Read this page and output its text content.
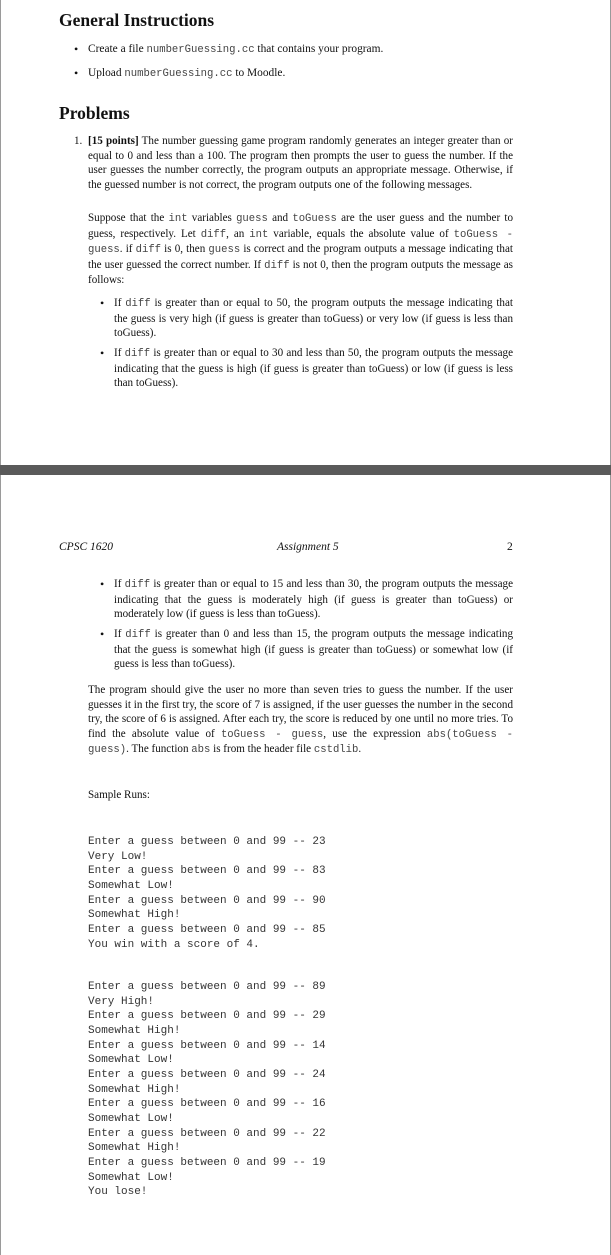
General Instructions
• Create a file numberGuessing.cc that contains your program.
• Upload numberGuessing.cc to Moodle.
Problems
1. [15 points] The number guessing game program randomly generates an integer greater than or equal to 0 and less than a 100. The program then prompts the user to guess the number. If the user guesses the number correctly, the program outputs an appropriate message. Otherwise, if the guessed number is not correct, the program outputs one of the following messages.
Suppose that the int variables guess and toGuess are the user guess and the number to guess, respectively. Let diff, an int variable, equals the absolute value of toGuess - guess. if diff is 0, then guess is correct and the program outputs a message indicating that the user guessed the correct number. If diff is not 0, then the program outputs the message as follows:
• If diff is greater than or equal to 50, the program outputs the message indicating that the guess is very high (if guess is greater than toGuess) or very low (if guess is less than toGuess).
• If diff is greater than or equal to 30 and less than 50, the program outputs the message indicating that the guess is high (if guess is greater than toGuess) or low (if guess is less than toGuess).
CPSC 1620	Assignment 5	2
• If diff is greater than or equal to 15 and less than 30, the program outputs the message indicating that the guess is moderately high (if guess is greater than toGuess) or moderately low (if guess is less than toGuess).
• If diff is greater than 0 and less than 15, the program outputs the message indicating that the guess is somewhat high (if guess is greater than toGuess) or somewhat low (if guess is less than toGuess).
The program should give the user no more than seven tries to guess the number. If the user guesses it in the first try, the score of 7 is assigned, if the user guesses the number in the second try, the score of 6 is assigned. After each try, the score is reduced by one until no more tries. To find the absolute value of toGuess - guess, use the expression abs(toGuess - guess). The function abs is from the header file cstdlib.
Sample Runs:
Enter a guess between 0 and 99 -- 23
Very Low!
Enter a guess between 0 and 99 -- 83
Somewhat Low!
Enter a guess between 0 and 99 -- 90
Somewhat High!
Enter a guess between 0 and 99 -- 85
You win with a score of 4.
Enter a guess between 0 and 99 -- 89
Very High!
Enter a guess between 0 and 99 -- 29
Somewhat High!
Enter a guess between 0 and 99 -- 14
Somewhat Low!
Enter a guess between 0 and 99 -- 24
Somewhat High!
Enter a guess between 0 and 99 -- 16
Somewhat Low!
Enter a guess between 0 and 99 -- 22
Somewhat High!
Enter a guess between 0 and 99 -- 19
Somewhat Low!
You lose!
